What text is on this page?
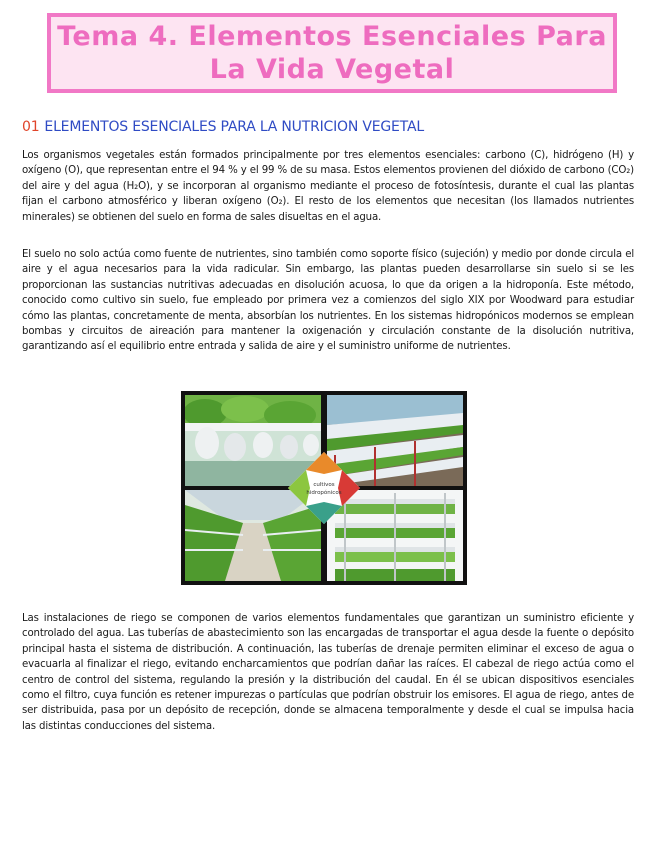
Tema 4. Elementos Esenciales Para
La Vida Vegetal
01 ELEMENTOS ESENCIALES PARA LA NUTRICION VEGETAL

Los organismos vegetales están formados principalmente por tres elementos esenciales: carbono (C), hidrógeno (H) y oxígeno (O), que representan entre el 94 % y el 99 % de su masa. Estos elementos provienen del dióxido de carbono (CO₂) del aire y del agua (H₂O), y se incorporan al organismo mediante el proceso de fotosíntesis, durante el cual las plantas fijan el carbono atmosférico y liberan oxígeno (O₂). El resto de los elementos que necesitan (los llamados nutrientes minerales) se obtienen del suelo en forma de sales disueltas en el agua.

El suelo no solo actúa como fuente de nutrientes, sino también como soporte físico (sujeción) y medio por donde circula el aire y el agua necesarios para la vida radicular. Sin embargo, las plantas pueden desarrollarse sin suelo si se les proporcionan las sustancias nutritivas adecuadas en disolución acuosa, lo que da origen a la hidroponía. Este método, conocido como cultivo sin suelo, fue empleado por primera vez a comienzos del siglo XIX por Woodward para estudiar cómo las plantas, concretamente de menta, absorbían los nutrientes. En los sistemas hidropónicos modernos se emplean bombas y circuitos de aireación para mantener la oxigenación y circulación constante de la disolución nutritiva, garantizando así el equilibrio entre entrada y salida de aire y el suministro uniforme de nutrientes.

cultivos
hidropónicos

Las instalaciones de riego se componen de varios elementos fundamentales que garantizan un suministro eficiente y controlado del agua. Las tuberías de abastecimiento son las encargadas de transportar el agua desde la fuente o depósito principal hasta el sistema de distribución. A continuación, las tuberías de drenaje permiten eliminar el exceso de agua o evacuarla al finalizar el riego, evitando encharcamientos que podrían dañar las raíces. El cabezal de riego actúa como el centro de control del sistema, regulando la presión y la distribución del caudal. En él se ubican dispositivos esenciales como el filtro, cuya función es retener impurezas o partículas que podrían obstruir los emisores. El agua de riego, antes de ser distribuida, pasa por un depósito de recepción, donde se almacena temporalmente y desde el cual se impulsa hacia las distintas conducciones del sistema.
